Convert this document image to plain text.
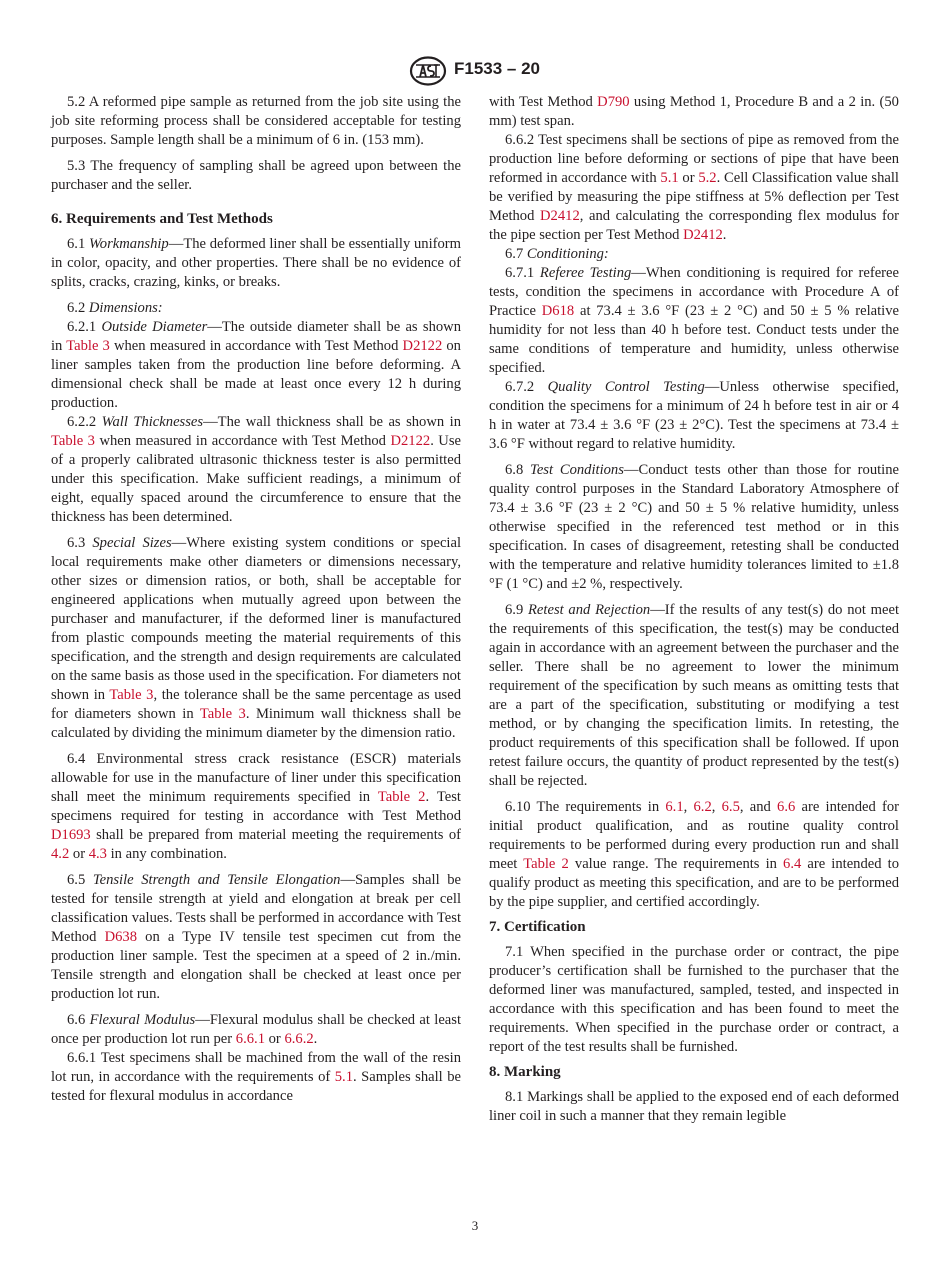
F1533 – 20

5.2 A reformed pipe sample as returned from the job site using the job site reforming process shall be considered acceptable for testing purposes. Sample length shall be a minimum of 6 in. (153 mm).

5.3 The frequency of sampling shall be agreed upon between the purchaser and the seller.

6. Requirements and Test Methods

6.1 Workmanship—The deformed liner shall be essentially uniform in color, opacity, and other properties. There shall be no evidence of splits, cracks, crazing, kinks, or breaks.

6.2 Dimensions:

6.2.1 Outside Diameter—The outside diameter shall be as shown in Table 3 when measured in accordance with Test Method D2122 on liner samples taken from the production line before deforming. A dimensional check shall be made at least once every 12 h during production.

6.2.2 Wall Thicknesses—The wall thickness shall be as shown in Table 3 when measured in accordance with Test Method D2122. Use of a properly calibrated ultrasonic thickness tester is also permitted under this specification. Make sufficient readings, a minimum of eight, equally spaced around the circumference to ensure that the thickness has been determined.

6.3 Special Sizes—Where existing system conditions or special local requirements make other diameters or dimensions necessary, other sizes or dimension ratios, or both, shall be acceptable for engineered applications when mutually agreed upon between the purchaser and manufacturer, if the deformed liner is manufactured from plastic compounds meeting the material requirements of this specification, and the strength and design requirements are calculated on the same basis as those used in the specification. For diameters not shown in Table 3, the tolerance shall be the same percentage as used for diameters shown in Table 3. Minimum wall thickness shall be calculated by dividing the minimum diameter by the dimension ratio.

6.4 Environmental stress crack resistance (ESCR) materials allowable for use in the manufacture of liner under this specification shall meet the minimum requirements specified in Table 2. Test specimens required for testing in accordance with Test Method D1693 shall be prepared from material meeting the requirements of 4.2 or 4.3 in any combination.

6.5 Tensile Strength and Tensile Elongation—Samples shall be tested for tensile strength at yield and elongation at break per cell classification values. Tests shall be performed in accordance with Test Method D638 on a Type IV tensile test specimen cut from the production liner sample. Test the specimen at a speed of 2 in./min. Tensile strength and elongation shall be checked at least once per production lot run.

6.6 Flexural Modulus—Flexural modulus shall be checked at least once per production lot run per 6.6.1 or 6.6.2.

6.6.1 Test specimens shall be machined from the wall of the resin lot run, in accordance with the requirements of 5.1. Samples shall be tested for flexural modulus in accordance

with Test Method D790 using Method 1, Procedure B and a 2 in. (50 mm) test span.

6.6.2 Test specimens shall be sections of pipe as removed from the production line before deforming or sections of pipe that have been reformed in accordance with 5.1 or 5.2. Cell Classification value shall be verified by measuring the pipe stiffness at 5% deflection per Test Method D2412, and calculating the corresponding flex modulus for the pipe section per Test Method D2412.

6.7 Conditioning:

6.7.1 Referee Testing—When conditioning is required for referee tests, condition the specimens in accordance with Procedure A of Practice D618 at 73.4 ± 3.6 °F (23 ± 2 °C) and 50 ± 5 % relative humidity for not less than 40 h before test. Conduct tests under the same conditions of temperature and humidity, unless otherwise specified.

6.7.2 Quality Control Testing—Unless otherwise specified, condition the specimens for a minimum of 24 h before test in air or 4 h in water at 73.4 ± 3.6 °F (23 ± 2°C). Test the specimens at 73.4 ± 3.6 °F without regard to relative humidity.

6.8 Test Conditions—Conduct tests other than those for routine quality control purposes in the Standard Laboratory Atmosphere of 73.4 ± 3.6 °F (23 ± 2 °C) and 50 ± 5 % relative humidity, unless otherwise specified in the referenced test method or in this specification. In cases of disagreement, retesting shall be conducted with the temperature and relative humidity tolerances limited to ±1.8 °F (1 °C) and ±2 %, respectively.

6.9 Retest and Rejection—If the results of any test(s) do not meet the requirements of this specification, the test(s) may be conducted again in accordance with an agreement between the purchaser and the seller. There shall be no agreement to lower the minimum requirement of the specification by such means as omitting tests that are a part of the specification, substituting or modifying a test method, or by changing the specification limits. In retesting, the product requirements of this specification shall be followed. If upon retest failure occurs, the quantity of product represented by the test(s) shall be rejected.

6.10 The requirements in 6.1, 6.2, 6.5, and 6.6 are intended for initial product qualification, and as routine quality control requirements to be performed during every production run and shall meet Table 2 value range. The requirements in 6.4 are intended to qualify product as meeting this specification, and are to be performed by the pipe supplier, and certified accordingly.

7. Certification

7.1 When specified in the purchase order or contract, the pipe producer’s certification shall be furnished to the purchaser that the deformed liner was manufactured, sampled, tested, and inspected in accordance with this specification and has been found to meet the requirements. When specified in the purchase order or contract, a report of the test results shall be furnished.

8. Marking

8.1 Markings shall be applied to the exposed end of each deformed liner coil in such a manner that they remain legible

3
